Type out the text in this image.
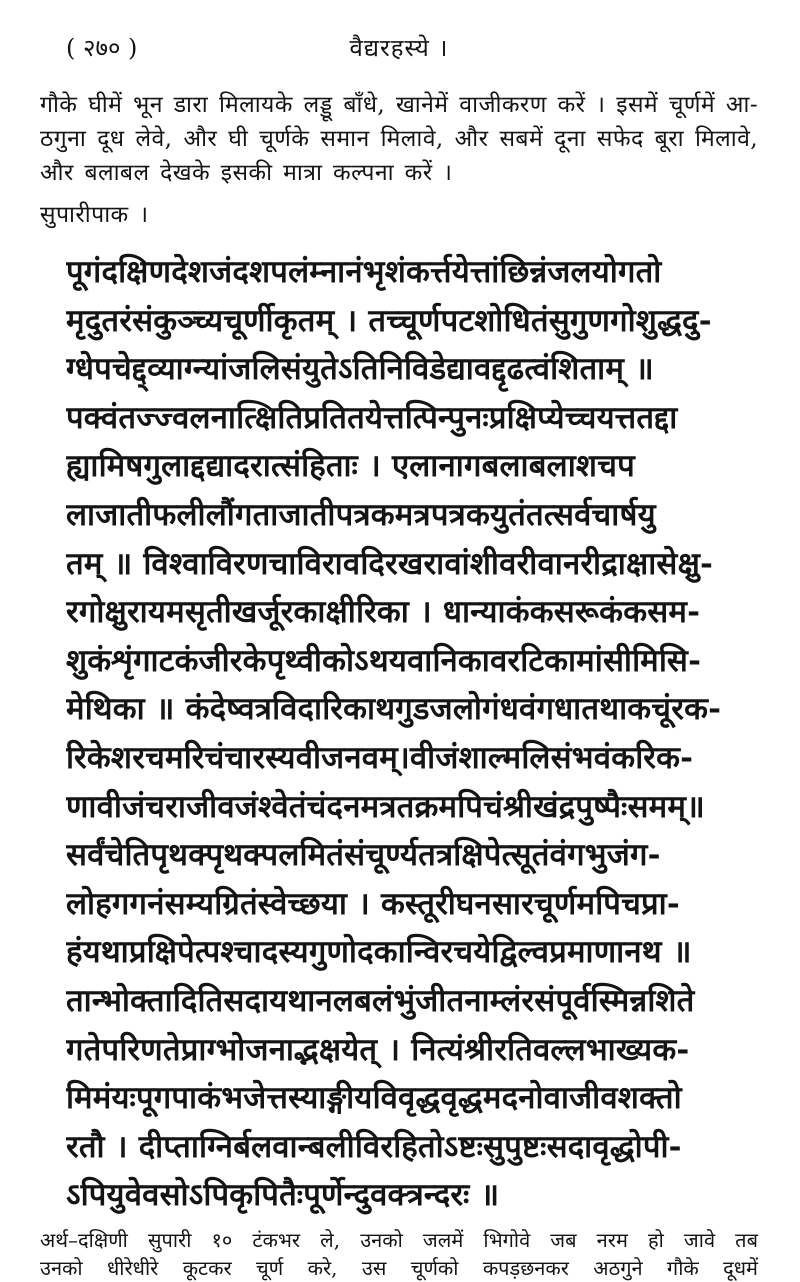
( २७० )	वैद्यरहस्ये ।
गौके घीमें भून डारा मिलायके लड्डू बाँधे, खानेमें वाजीकरण करें । इसमें चूर्णमें आ- ठगुना दूध लेवे, और घी चूर्णके समान मिलावे, और सबमें दूना सफेद बूरा मिलावे, और बलाबल देखके इसकी मात्रा कल्पना करें ।
सुपारीपाक ।
पूगंदक्षिणदेशजंदशपलंम्नानंभृशंकर्त्तयेत्तांछिन्नंजलयोगतो
मृदुतरंसंकुञ्च्यचूर्णीकृतम् । तच्चूर्णपटशोधितंसुगुणगोशुद्धदु-
ग्धेपचेद्द्व्याग्न्यांजलिसंयुतेऽतिनिविडेद्यावद्दृढत्वंशिताम् ॥
पक्वंतज्ज्वलनात्क्षितिप्रतितयेत्तत्पिन्पुनःप्रक्षिप्येच्चयत्ततद्दा
ह्यामिषगुलाद्दद्यादरात्संहिताः । एलानागबलाबलाशचप
लाजातीफलीलौंगताजातीपत्रकमत्रपत्रकयुतंतत्सर्वचार्षयु
तम् ॥ विश्वाविरणचाविरावदिरखरावांशीवरीवानरीद्राक्षासेक्षु-
रगोक्षुरायमसृतीखर्जूरकाक्षीरिका । धान्याकंकसरूकंकसम-
शुकंशृंगाटकंजीरकेपृथ्वीकोऽथयवानिकावरटिकामांसीमिसि-
मेथिका ॥ कंदेष्वत्रविदारिकाथगुडजलोगंधवंगधातथाकचूंरक-
रिकेशरचमरिचंचारस्यवीजनवम्।वीजंशाल्मलिसंभवंकरिक-
णावीजंचराजीवजंश्वेतंचंदनमत्रतक्रमपिचंश्रीखंद्रपुष्पैःसमम्॥
सर्वंचेतिपृथक्पृथक्पलमितंसंचूर्ण्यतत्रक्षिपेत्सूतंवंगभुजंग-
लोहगगनंसम्यग्रितंस्वेच्छया । कस्तूरीघनसारचूर्णमपिचप्रा-
हंयथाप्रक्षिपेत्पश्चादस्यगुणोदकान्विरचयेद्विल्वप्रमाणानथ ॥
तान्भोक्तादितिसदायथानलबलंभुंजीतनाम्लंरसंपूर्वस्मिन्नशिते
गतेपरिणतेप्राग्भोजनाद्भक्षयेत् । नित्यंश्रीरतिवल्लभाख्यक-
मिमंयःपूगपाकंभजेत्तस्याङ्गीयविवृद्धवृद्धमदनोवाजीवशक्तो
रतौ । दीप्ताग्निर्बलवान्बलीविरहितोऽष्टःसुपुष्टःसदावृद्धोपी-
ऽपियुवेवसोऽपिकृपितैःपूर्णेन्दुवक्त्रन्दरः ॥
अर्थ–दक्षिणी सुपारी १० टंकभर ले, उनको जलमें भिगोवे जब नरम हो जावे तब
उनको धीरेधीरे कूटकर चूर्ण करे, उस चूर्णको कपड़छनकर अठगुने गौके दूधमें
